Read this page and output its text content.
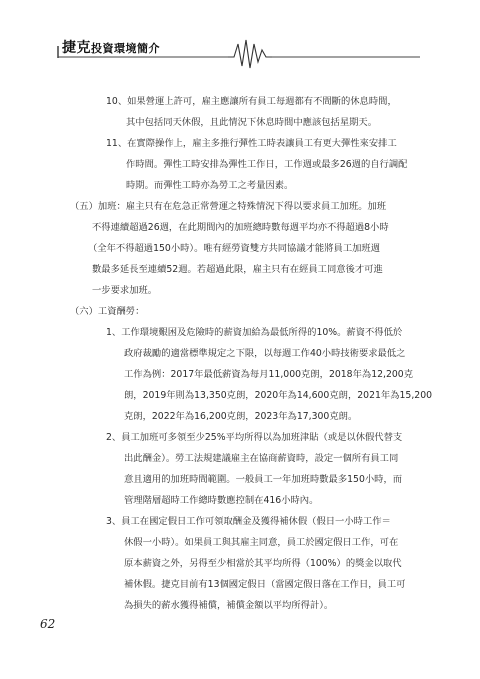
捷克投資環境簡介
10、如果營運上許可，雇主應讓所有員工每週都有不間斷的休息時間，
其中包括同天休假，且此情況下休息時間中應該包括星期天。
11、在實際操作上，雇主多推行彈性工時表讓員工有更大彈性來安排工
作時間。彈性工時安排為彈性工作日，工作週或最多26週的自行調配
時期。而彈性工時亦為勞工之考量因素。
（五）加班：雇主只有在危急正常營運之特殊情況下得以要求員工加班。加班
不得連續超過26週，在此期間內的加班總時數每週平均亦不得超過8小時
（全年不得超過150小時）。唯有經勞資雙方共同協議才能將員工加班週
數最多延長至連續52週。若超過此限，雇主只有在經員工同意後才可進
一步要求加班。
（六）工資酬勞：
1、工作環境艱困及危險時的薪資加給為最低所得的10%。薪資不得低於
政府裁勵的適當標準規定之下限，以每週工作40小時技術要求最低之
工作為例：2017年最低薪資為每月11,000克朗，2018年為12,200克
朗，2019年則為13,350克朗，2020年為14,600克朗，2021年為15,200
克朗，2022年為16,200克朗，2023年為17,300克朗。
2、員工加班可多領至少25%平均所得以為加班津貼（或是以休假代替支
出此酬金）。勞工法規建議雇主在協商薪資時，設定一個所有員工同
意且適用的加班時間範圍。一般員工一年加班時數最多150小時，而
管理階層超時工作總時數應控制在416小時內。
3、員工在國定假日工作可領取酬金及獲得補休假（假日一小時工作＝
休假一小時）。如果員工與其雇主同意，員工於國定假日工作，可在
原本薪資之外，另得至少相當於其平均所得（100%）的獎金以取代
補休假。捷克目前有13個國定假日（當國定假日落在工作日，員工可
為損失的薪水獲得補償，補償金額以平均所得計）。
62
